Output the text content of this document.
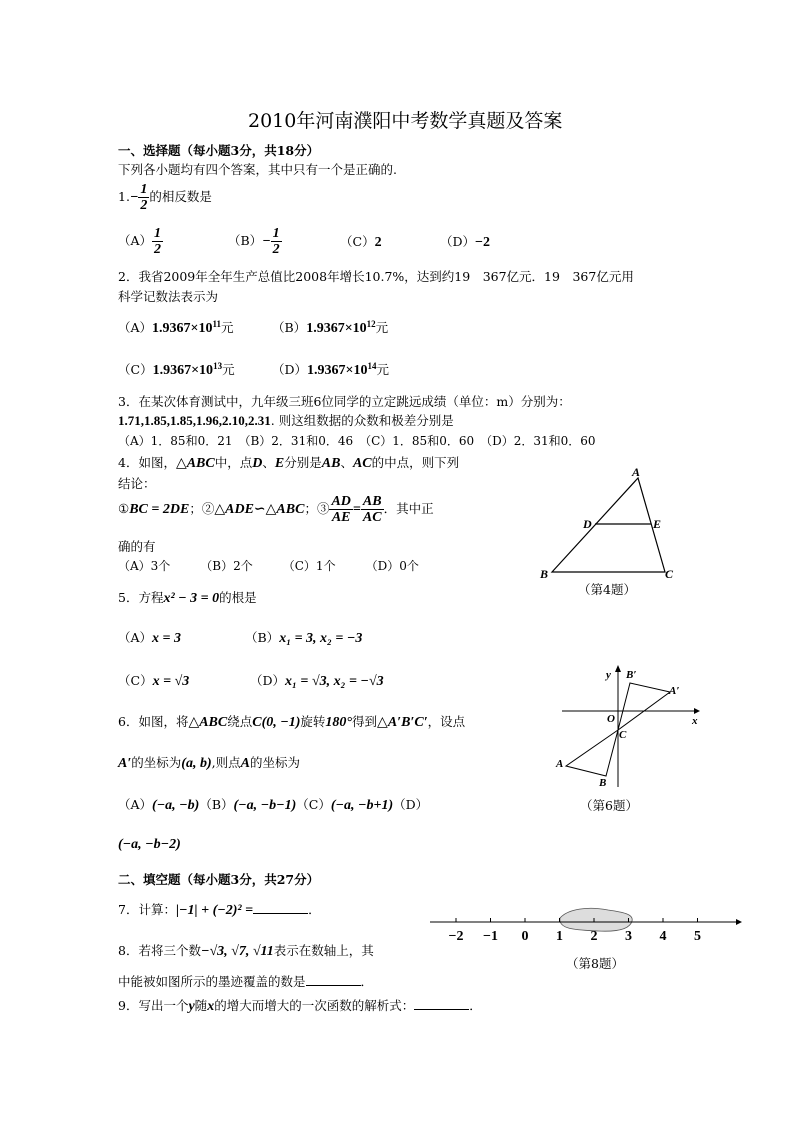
2010年河南濮阳中考数学真题及答案
一、选择题（每小题3分，共18分）
下列各小题均有四个答案，其中只有一个是正确的.
$1.- \frac{1}{2}$ 的相反数是
$(A) \frac{1}{2}$	$(B)- \frac{1}{2}$	（C）2	（D）−2
2．我省2009年全年生产总值比2008年增长10.7%，达到约19　367亿元．19　367亿元用
科学记数法表示为
$(A)1.9367\times 10^{11}$元	$(B)1.9367\times 10^{12}$元
$(C)1.9367\times 10^{13}$元	$(D)1.9367\times 10^{14}$元
3．在某次体育测试中，九年级三班6位同学的立定跳远成绩（单位：m）分别为：
1.71,1.85,1.85,1.96,2.10,2.31. 则这组数据的众数和极差分别是
（A）1．85和0．21　（B）2．31和0．46　（C）1．85和0．60　（D）2．31和0．60
4．如图，△ABC中，点D、E分别是AB、AC的中点，则下列
结论：
①BC = 2DE；②△ADE∽△ABC；③ $\frac{AD}{AE} = \frac{AB}{AC}$ ．其中正
确的有
（A）3个　　　（B）2个　　　（C）1个　　　（D）0个
A
B	C
D	E
（第4题）
5．方程x² − 3 = 0的根是
（A）x = 3	（B）x₁ = 3, x₂ = −3
（C）x = √3	（D）x₁ = √3, x₂ = −√3
6．如图，将△ABC绕点C(0, −1)旋转180°得到△A′B′C′，设点
A′的坐标为(a, b),则点A的坐标为
（A）(−a, −b)（B）(−a, −b−1)（C）(−a, −b+1)（D）
(−a, −b−2)
y
x
O
C
B′
A′
A
B
（第6题）
二、填空题（每小题3分，共27分）
7．计算：|−1| + (−2)² =	．
−2 −1 0 1 2 3 4 5
（第8题）
8．若将三个数−√3, √7, √11表示在数轴上，其
中能被如图所示的墨迹覆盖的数是	．
9．写出一个y随x的增大而增大的一次函数的解析式：	．
